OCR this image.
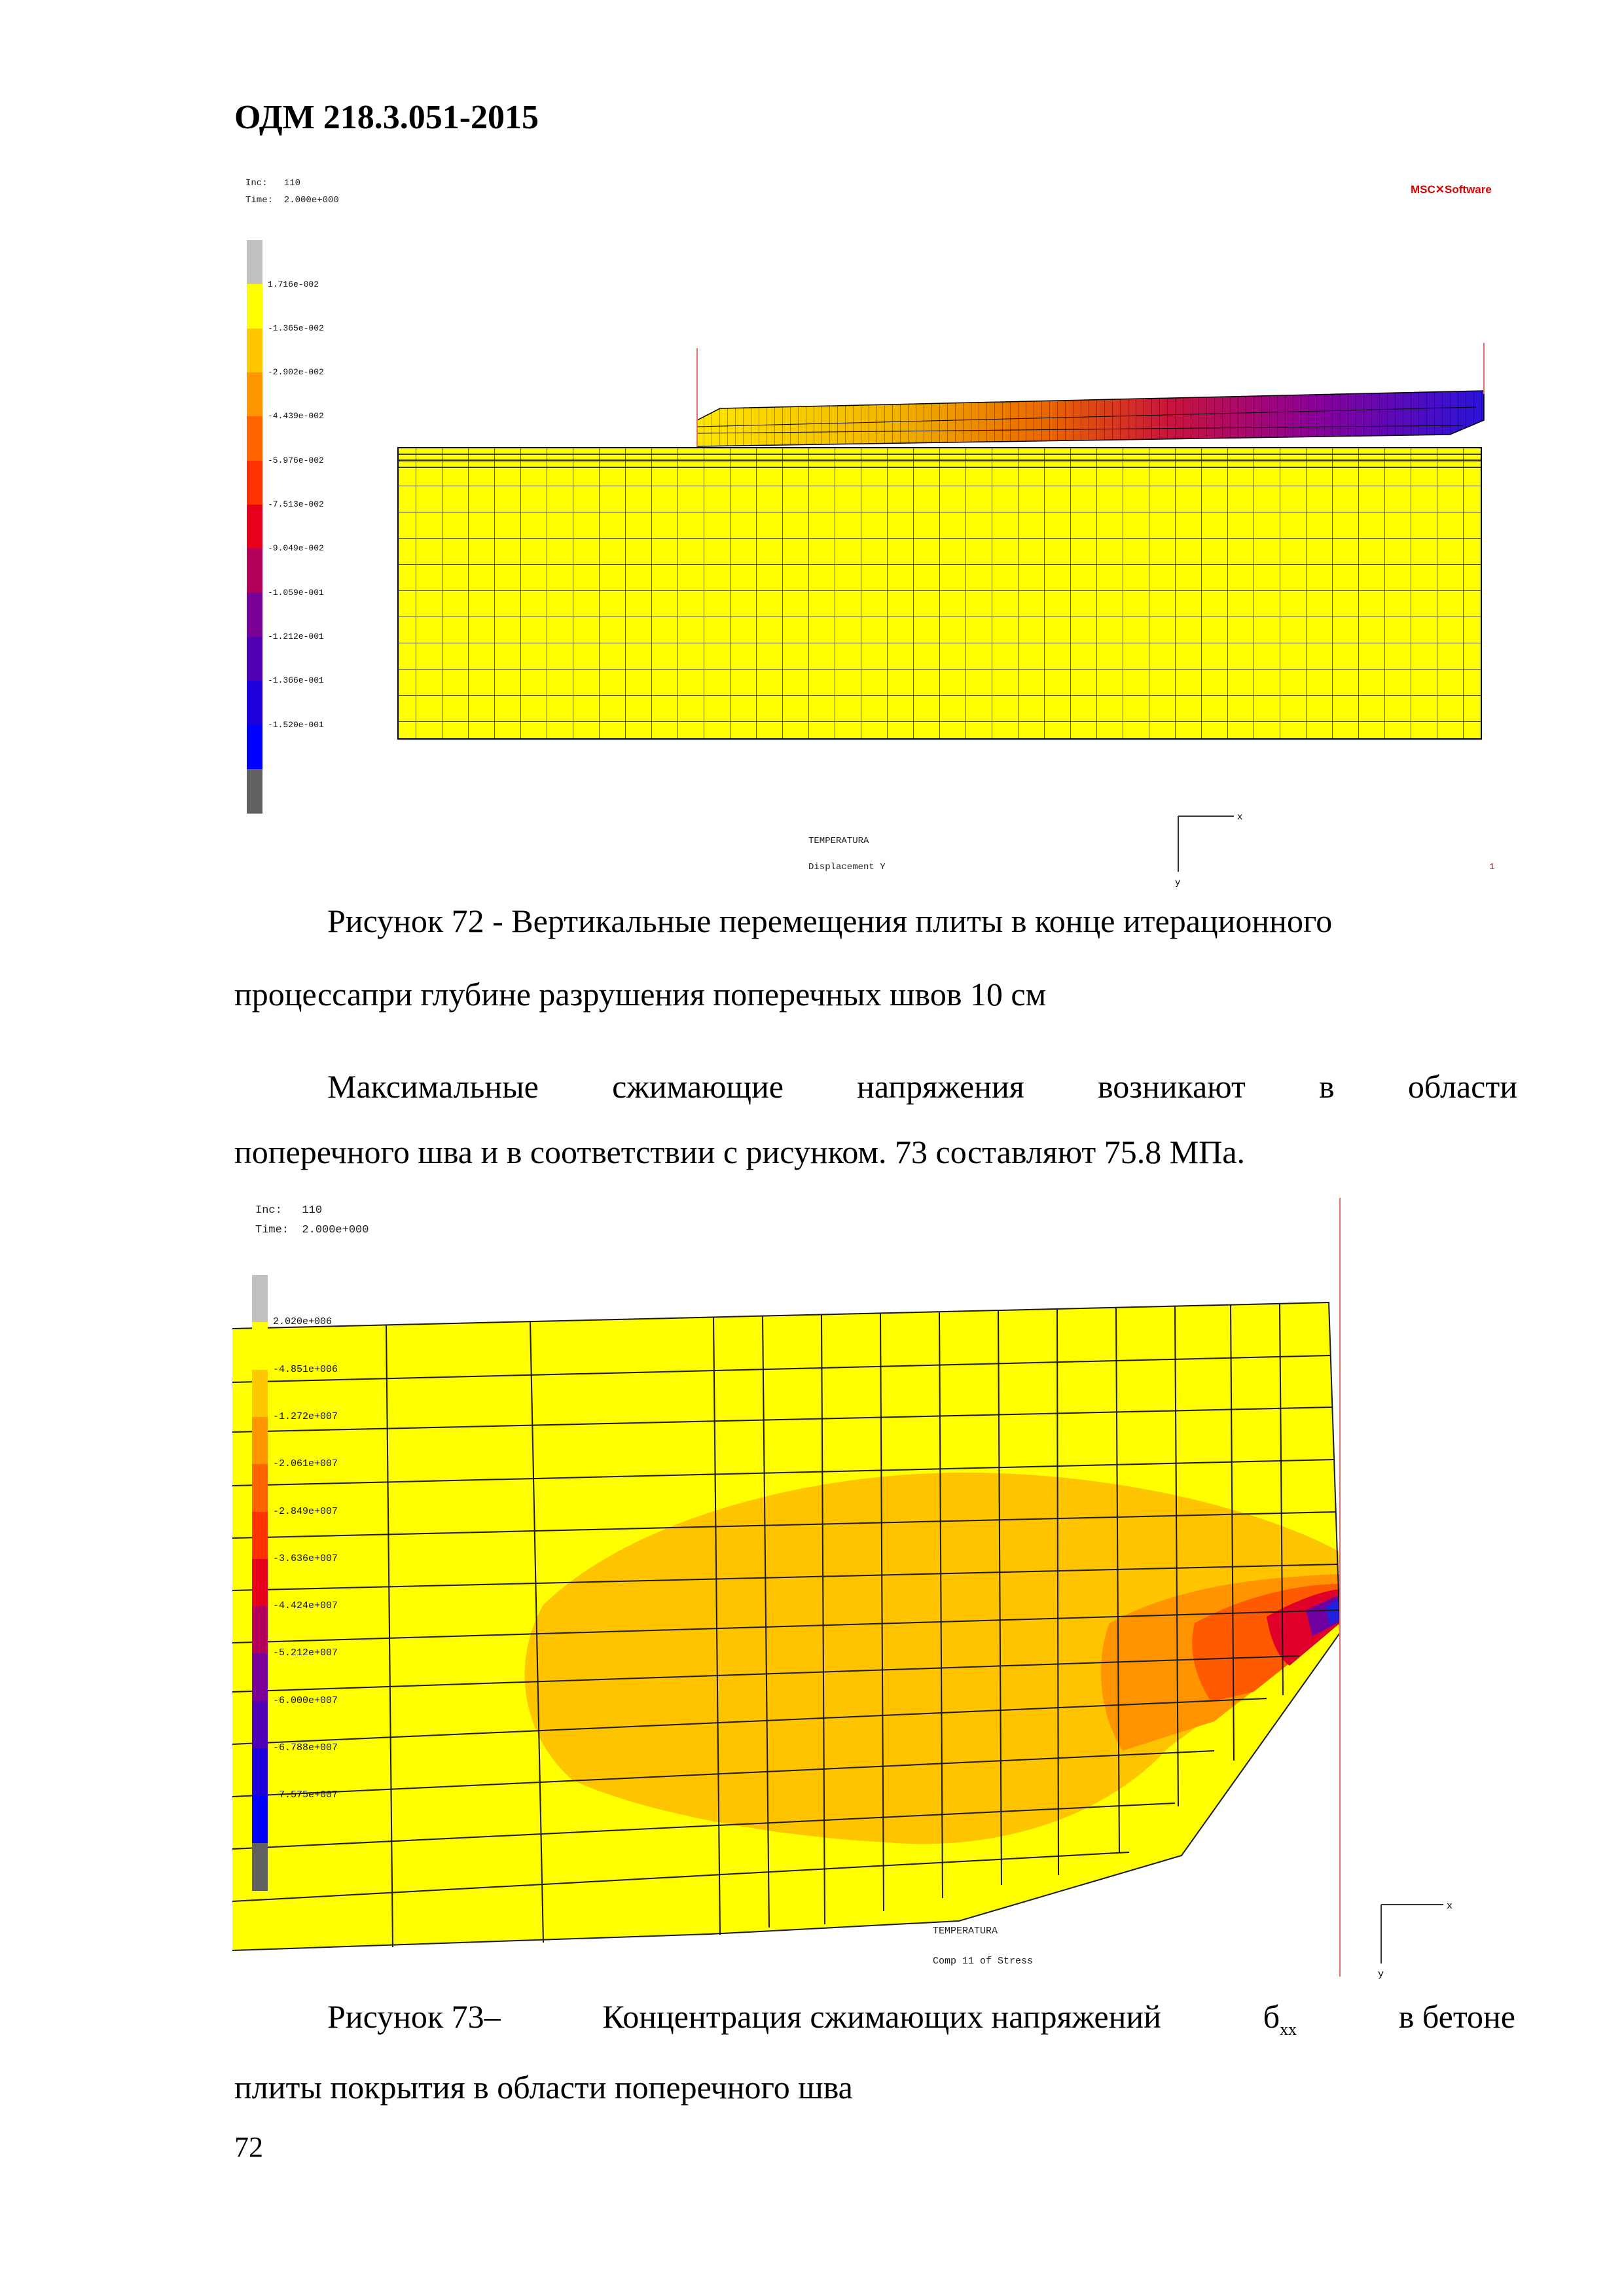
ОДМ 218.3.051-2015
Inc:   110
Time:  2.000e+000
MSC✕Software
1.716e-002
-1.365e-002
-2.902e-002
-4.439e-002
-5.976e-002
-7.513e-002
-9.049e-002
-1.059e-001
-1.212e-001
-1.366e-001
-1.520e-001
x
y
TEMPERATURA
Displacement Y	1
Рисунок 72 - Вертикальные перемещения плиты в конце итерационного
процессапри глубине разрушения поперечных швов 10 см
Максимальные сжимающие напряжения возникают в области
поперечного шва и в соответствии с рисунком. 73 составляют 75.8 МПа.
Inc:   110
Time:  2.000e+000
x
y
2.020e+006
-4.851e+006
-1.272e+007
-2.061e+007
-2.849e+007
-3.636e+007
-4.424e+007
-5.212e+007
-6.000e+007
-6.788e+007
-7.575e+007
TEMPERATURA
Comp 11 of Stress
Рисунок 73–	Концентрация сжимающих напряжений	$б_{xx}$	в бетоне
плиты покрытия в области поперечного шва
72
